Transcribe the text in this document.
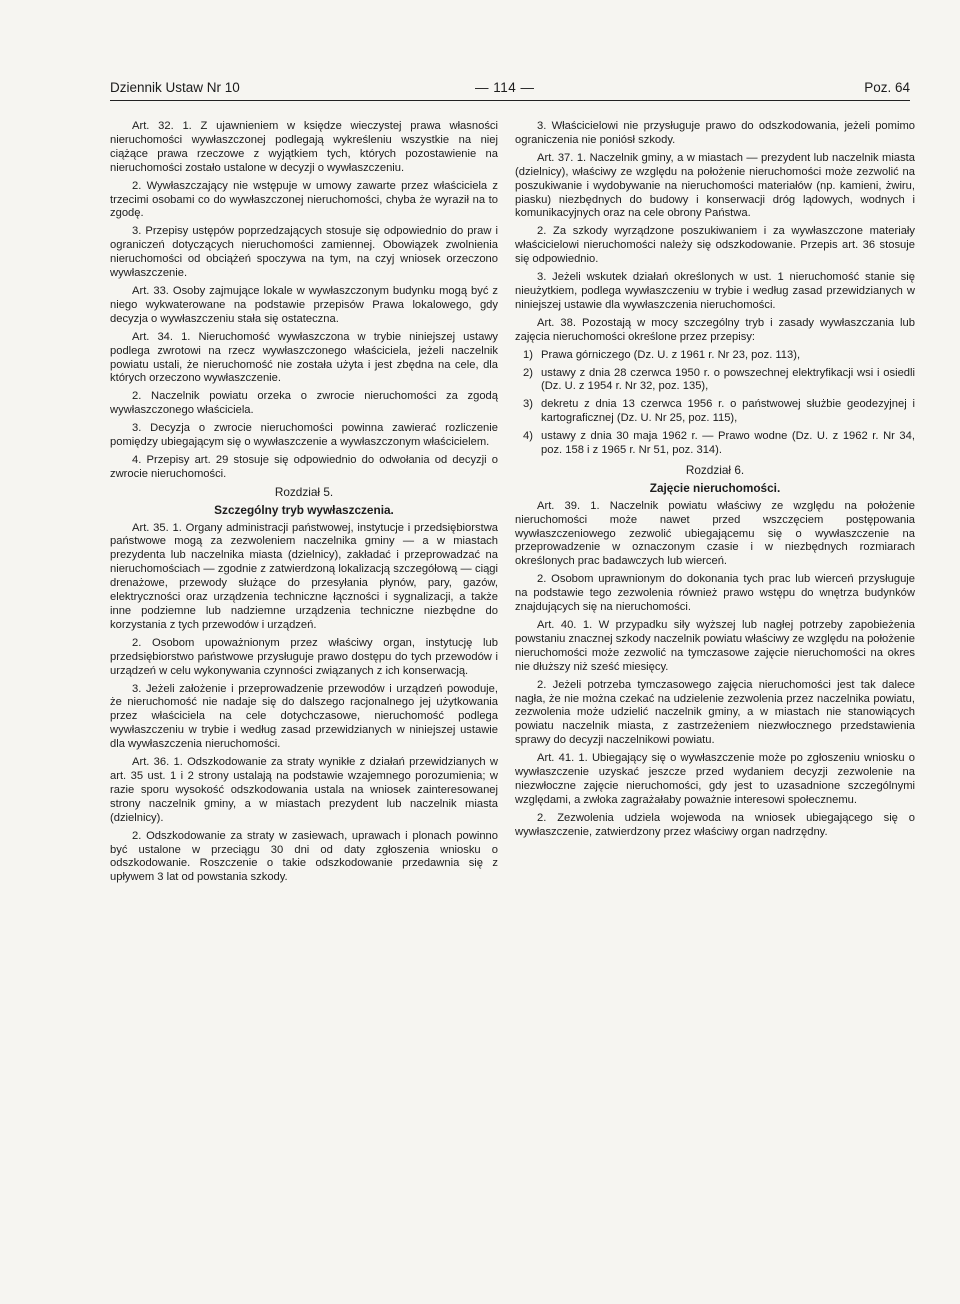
Dziennik Ustaw Nr 10	— 114 —	Poz. 64

Art. 32. 1. Z ujawnieniem w księdze wieczystej prawa własności nieruchomości wywłaszczonej podlegają wykreśleniu wszystkie na niej ciążące prawa rzeczowe z wyjątkiem tych, których pozostawienie na nieruchomości zostało ustalone w decyzji o wywłaszczeniu.

2. Wywłaszczający nie wstępuje w umowy zawarte przez właściciela z trzecimi osobami co do wywłaszczonej nieruchomości, chyba że wyraził na to zgodę.

3. Przepisy ustępów poprzedzających stosuje się odpowiednio do praw i ograniczeń dotyczących nieruchomości zamiennej. Obowiązek zwolnienia nieruchomości od obciążeń spoczywa na tym, na czyj wniosek orzeczono wywłaszczenie.

Art. 33. Osoby zajmujące lokale w wywłaszczonym budynku mogą być z niego wykwaterowane na podstawie przepisów Prawa lokalowego, gdy decyzja o wywłaszczeniu stała się ostateczna.

Art. 34. 1. Nieruchomość wywłaszczona w trybie niniejszej ustawy podlega zwrotowi na rzecz wywłaszczonego właściciela, jeżeli naczelnik powiatu ustali, że nieruchomość nie została użyta i jest zbędna na cele, dla których orzeczono wywłaszczenie.

2. Naczelnik powiatu orzeka o zwrocie nieruchomości za zgodą wywłaszczonego właściciela.

3. Decyzja o zwrocie nieruchomości powinna zawierać rozliczenie pomiędzy ubiegającym się o wywłaszczenie a wywłaszczonym właścicielem.

4. Przepisy art. 29 stosuje się odpowiednio do odwołania od decyzji o zwrocie nieruchomości.

Rozdział 5.

Szczególny tryb wywłaszczenia.

Art. 35. 1. Organy administracji państwowej, instytucje i przedsiębiorstwa państwowe mogą za zezwoleniem naczelnika gminy — a w miastach prezydenta lub naczelnika miasta (dzielnicy), zakładać i przeprowadzać na nieruchomościach — zgodnie z zatwierdzoną lokalizacją szczegółową — ciągi drenażowe, przewody służące do przesyłania płynów, pary, gazów, elektryczności oraz urządzenia techniczne łączności i sygnalizacji, a także inne podziemne lub nadziemne urządzenia techniczne niezbędne do korzystania z tych przewodów i urządzeń.

2. Osobom upoważnionym przez właściwy organ, instytucję lub przedsiębiorstwo państwowe przysługuje prawo dostępu do tych przewodów i urządzeń w celu wykonywania czynności związanych z ich konserwacją.

3. Jeżeli założenie i przeprowadzenie przewodów i urządzeń powoduje, że nieruchomość nie nadaje się do dalszego racjonalnego jej użytkowania przez właściciela na cele dotychczasowe, nieruchomość podlega wywłaszczeniu w trybie i według zasad przewidzianych w niniejszej ustawie dla wywłaszczenia nieruchomości.

Art. 36. 1. Odszkodowanie za straty wynikłe z działań przewidzianych w art. 35 ust. 1 i 2 strony ustalają na podstawie wzajemnego porozumienia; w razie sporu wysokość odszkodowania ustala na wniosek zainteresowanej strony naczelnik gminy, a w miastach prezydent lub naczelnik miasta (dzielnicy).

2. Odszkodowanie za straty w zasiewach, uprawach i plonach powinno być ustalone w przeciągu 30 dni od daty zgłoszenia wniosku o odszkodowanie. Roszczenie o takie odszkodowanie przedawnia się z upływem 3 lat od powstania szkody.

3. Właścicielowi nie przysługuje prawo do odszkodowania, jeżeli pomimo ograniczenia nie poniósł szkody.

Art. 37. 1. Naczelnik gminy, a w miastach — prezydent lub naczelnik miasta (dzielnicy), właściwy ze względu na położenie nieruchomości może zezwolić na poszukiwanie i wydobywanie na nieruchomości materiałów (np. kamieni, żwiru, piasku) niezbędnych do budowy i konserwacji dróg lądowych, wodnych i komunikacyjnych oraz na cele obrony Państwa.

2. Za szkody wyrządzone poszukiwaniem i za wywłaszczone materiały właścicielowi nieruchomości należy się odszkodowanie. Przepis art. 36 stosuje się odpowiednio.

3. Jeżeli wskutek działań określonych w ust. 1 nieruchomość stanie się nieużytkiem, podlega wywłaszczeniu w trybie i według zasad przewidzianych w niniejszej ustawie dla wywłaszczenia nieruchomości.

Art. 38. Pozostają w mocy szczególny tryb i zasady wywłaszczania lub zajęcia nieruchomości określone przez przepisy:

1) Prawa górniczego (Dz. U. z 1961 r. Nr 23, poz. 113),
2) ustawy z dnia 28 czerwca 1950 r. o powszechnej elektryfikacji wsi i osiedli (Dz. U. z 1954 r. Nr 32, poz. 135),
3) dekretu z dnia 13 czerwca 1956 r. o państwowej służbie geodezyjnej i kartograficznej (Dz. U. Nr 25, poz. 115),
4) ustawy z dnia 30 maja 1962 r. — Prawo wodne (Dz. U. z 1962 r. Nr 34, poz. 158 i z 1965 r. Nr 51, poz. 314).

Rozdział 6.

Zajęcie nieruchomości.

Art. 39. 1. Naczelnik powiatu właściwy ze względu na położenie nieruchomości może nawet przed wszczęciem postępowania wywłaszczeniowego zezwolić ubiegającemu się o wywłaszczenie na przeprowadzenie w oznaczonym czasie i w niezbędnych rozmiarach określonych prac badawczych lub wierceń.

2. Osobom uprawnionym do dokonania tych prac lub wierceń przysługuje na podstawie tego zezwolenia również prawo wstępu do wnętrza budynków znajdujących się na nieruchomości.

Art. 40. 1. W przypadku siły wyższej lub nagłej potrzeby zapobieżenia powstaniu znacznej szkody naczelnik powiatu właściwy ze względu na położenie nieruchomości może zezwolić na tymczasowe zajęcie nieruchomości na okres nie dłuższy niż sześć miesięcy.

2. Jeżeli potrzeba tymczasowego zajęcia nieruchomości jest tak dalece nagła, że nie można czekać na udzielenie zezwolenia przez naczelnika powiatu, zezwolenia może udzielić naczelnik gminy, a w miastach nie stanowiących powiatu naczelnik miasta, z zastrzeżeniem niezwłocznego przedstawienia sprawy do decyzji naczelnikowi powiatu.

Art. 41. 1. Ubiegający się o wywłaszczenie może po zgłoszeniu wniosku o wywłaszczenie uzyskać jeszcze przed wydaniem decyzji zezwolenie na niezwłoczne zajęcie nieruchomości, gdy jest to uzasadnione szczególnymi względami, a zwłoka zagrażałaby poważnie interesowi społecznemu.

2. Zezwolenia udziela wojewoda na wniosek ubiegającego się o wywłaszczenie, zatwierdzony przez właściwy organ nadrzędny.
